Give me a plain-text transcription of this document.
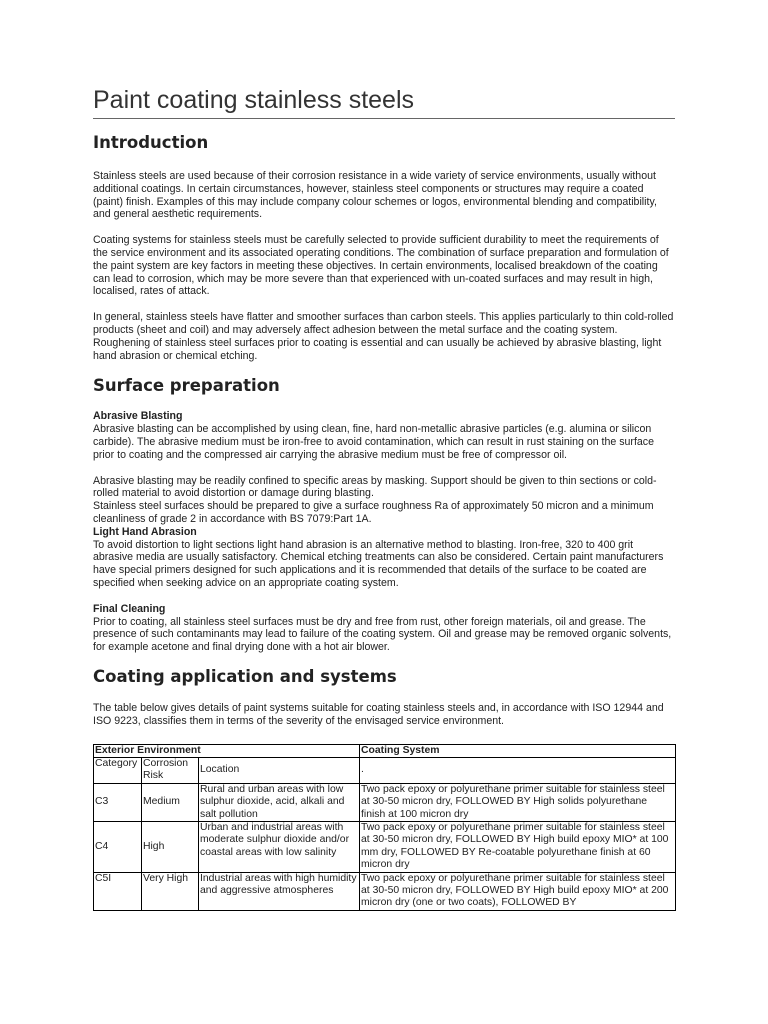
Paint coating stainless steels
Introduction

Stainless steels are used because of their corrosion resistance in a wide variety of service environments, usually without additional coatings. In certain circumstances, however, stainless steel components or structures may require a coated (paint) finish. Examples of this may include company colour schemes or logos, environmental blending and compatibility, and general aesthetic requirements.

Coating systems for stainless steels must be carefully selected to provide sufficient durability to meet the requirements of the service environment and its associated operating conditions. The combination of surface preparation and formulation of the paint system are key factors in meeting these objectives. In certain environments, localised breakdown of the coating can lead to corrosion, which may be more severe than that experienced with un-coated surfaces and may result in high, localised, rates of attack.

In general, stainless steels have flatter and smoother surfaces than carbon steels. This applies particularly to thin cold-rolled products (sheet and coil) and may adversely affect adhesion between the metal surface and the coating system. Roughening of stainless steel surfaces prior to coating is essential and can usually be achieved by abrasive blasting, light hand abrasion or chemical etching.

Surface preparation
Abrasive Blasting

Abrasive blasting can be accomplished by using clean, fine, hard non-metallic abrasive particles (e.g. alumina or silicon carbide). The abrasive medium must be iron-free to avoid contamination, which can result in rust staining on the surface prior to coating and the compressed air carrying the abrasive medium must be free of compressor oil.

Abrasive blasting may be readily confined to specific areas by masking. Support should be given to thin sections or cold-rolled material to avoid distortion or damage during blasting.

Stainless steel surfaces should be prepared to give a surface roughness Ra of approximately 50 micron and a minimum cleanliness of grade 2 in accordance with BS 7079:Part 1A.

Light Hand Abrasion

To avoid distortion to light sections light hand abrasion is an alternative method to blasting. Iron-free, 320 to 400 grit abrasive media are usually satisfactory. Chemical etching treatments can also be considered. Certain paint manufacturers have special primers designed for such applications and it is recommended that details of the surface to be coated are specified when seeking advice on an appropriate coating system.

Final Cleaning

Prior to coating, all stainless steel surfaces must be dry and free from rust, other foreign materials, oil and grease. The presence of such contaminants may lead to failure of the coating system. Oil and grease may be removed organic solvents, for example acetone and final drying done with a hot air blower.

Coating application and systems

The table below gives details of paint systems suitable for coating stainless steels and, in accordance with ISO 12944 and ISO 9223, classifies them in terms of the severity of the envisaged service environment.

Exterior Environment			Coating System
Category	Corrosion Risk	Location	.
C3	Medium	Rural and urban areas with low sulphur dioxide, acid, alkali and salt pollution	Two pack epoxy or polyurethane primer suitable for stainless steel at 30-50 micron dry, FOLLOWED BY High solids polyurethane finish at 100 micron dry
C4	High	Urban and industrial areas with moderate sulphur dioxide and/or coastal areas with low salinity	Two pack epoxy or polyurethane primer suitable for stainless steel at 30-50 micron dry, FOLLOWED BY High build epoxy MIO* at 100 mm dry, FOLLOWED BY Re-coatable polyurethane finish at 60 micron dry
C5I	Very High	Industrial areas with high humidity and aggressive atmospheres	Two pack epoxy or polyurethane primer suitable for stainless steel at 30-50 micron dry, FOLLOWED BY High build epoxy MIO* at 200 micron dry (one or two coats), FOLLOWED BY
